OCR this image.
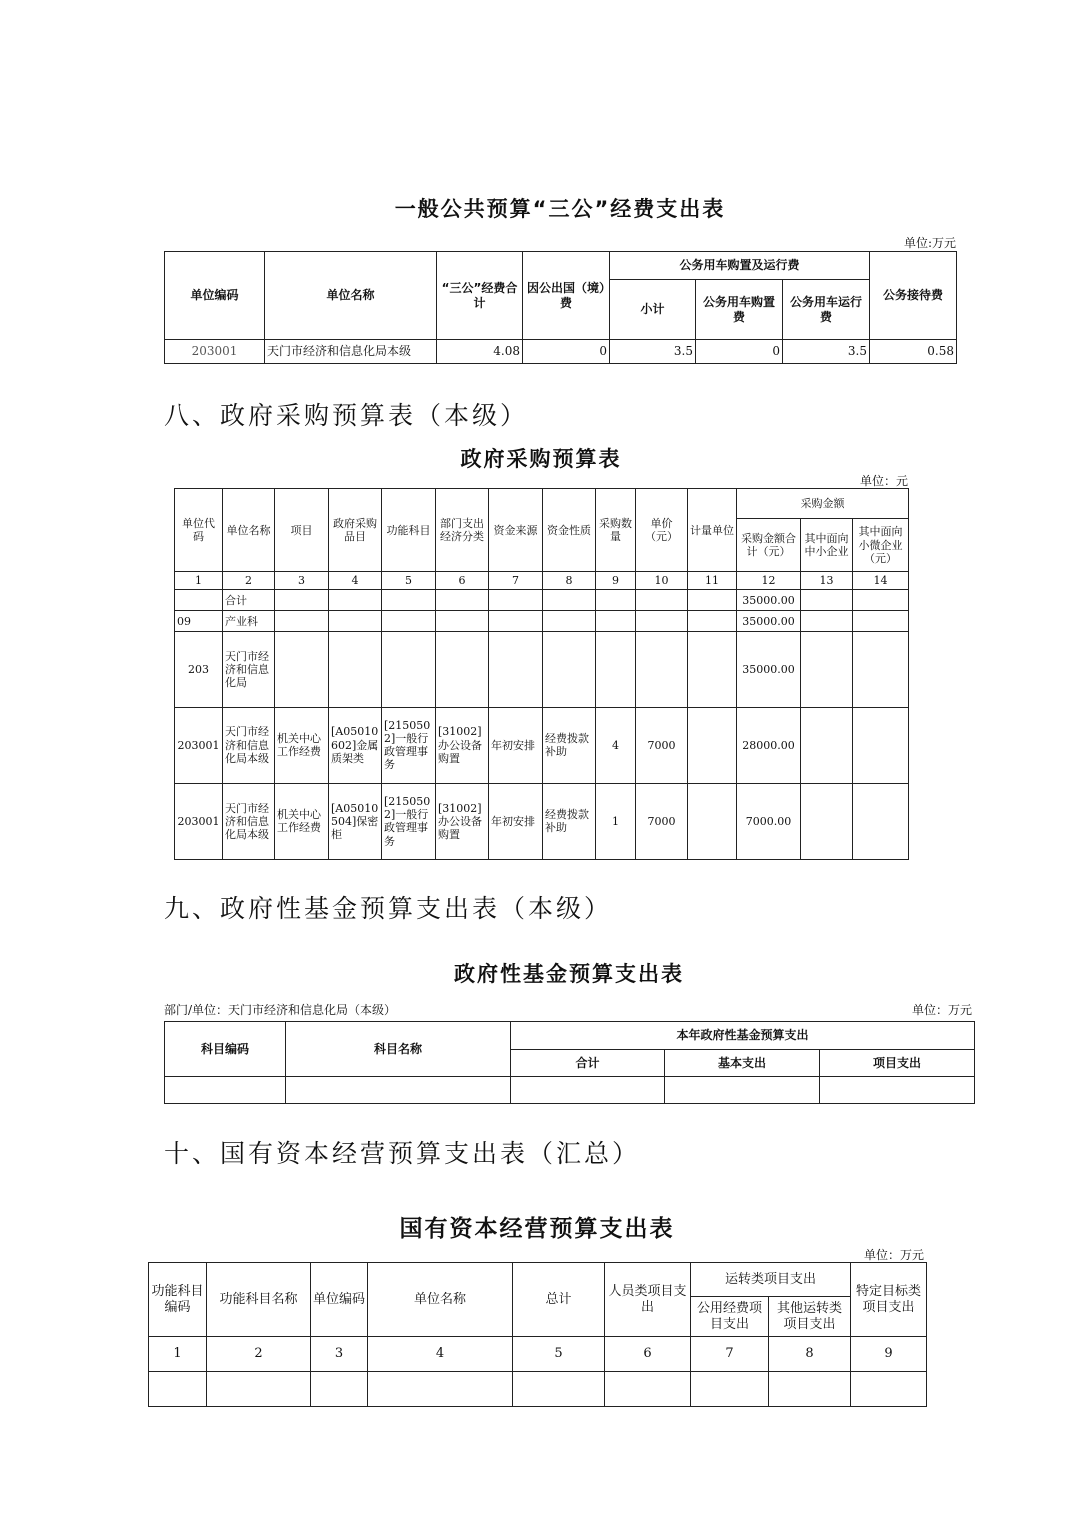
一般公共预算“三公”经费支出表
单位:万元
单位编码	单位名称	“三公”经费合计	因公出国（境）费	公务用车购置及运行费			公务接待费
				小计	公务用车购置费	公务用车运行费	
203001	天门市经济和信息化局本级	4.08	0	3.5	0	3.5	0.58
八、政府采购预算表（本级）
政府采购预算表
单位：元
单位代码	单位名称	项目	政府采购品目	功能科目	部门支出经济分类	资金来源	资金性质	采购数量	单价（元）	计量单位	采购金额		
											采购金额合计（元）	其中面向中小企业	其中面向小微企业（元）
1	2	3	4	5	6	7	8	9	10	11	12	13	14
	合计										35000.00		
09	产业科										35000.00		
203	天门市经济和信息化局										35000.00		
203001	天门市经济和信息化局本级	机关中心工作经费	[A05010602]金属质架类	[2150502]一般行政管理事务	[31002]办公设备购置	年初安排	经费拨款补助	4	7000		28000.00		
203001	天门市经济和信息化局本级	机关中心工作经费	[A05010504]保密柜	[2150502]一般行政管理事务	[31002]办公设备购置	年初安排	经费拨款补助	1	7000		7000.00		
九、政府性基金预算支出表（本级）
政府性基金预算支出表
部门/单位：天门市经济和信息化局（本级）	单位：万元
科目编码	科目名称	本年政府性基金预算支出		
		合计	基本支出	项目支出

十、国有资本经营预算支出表（汇总）
国有资本经营预算支出表
单位：万元
功能科目编码	功能科目名称	单位编码	单位名称	总计	人员类项目支出	运转类项目支出		特定目标类项目支出
						公用经费项目支出	其他运转类项目支出	
1	2	3	4	5	6	7	8	9
